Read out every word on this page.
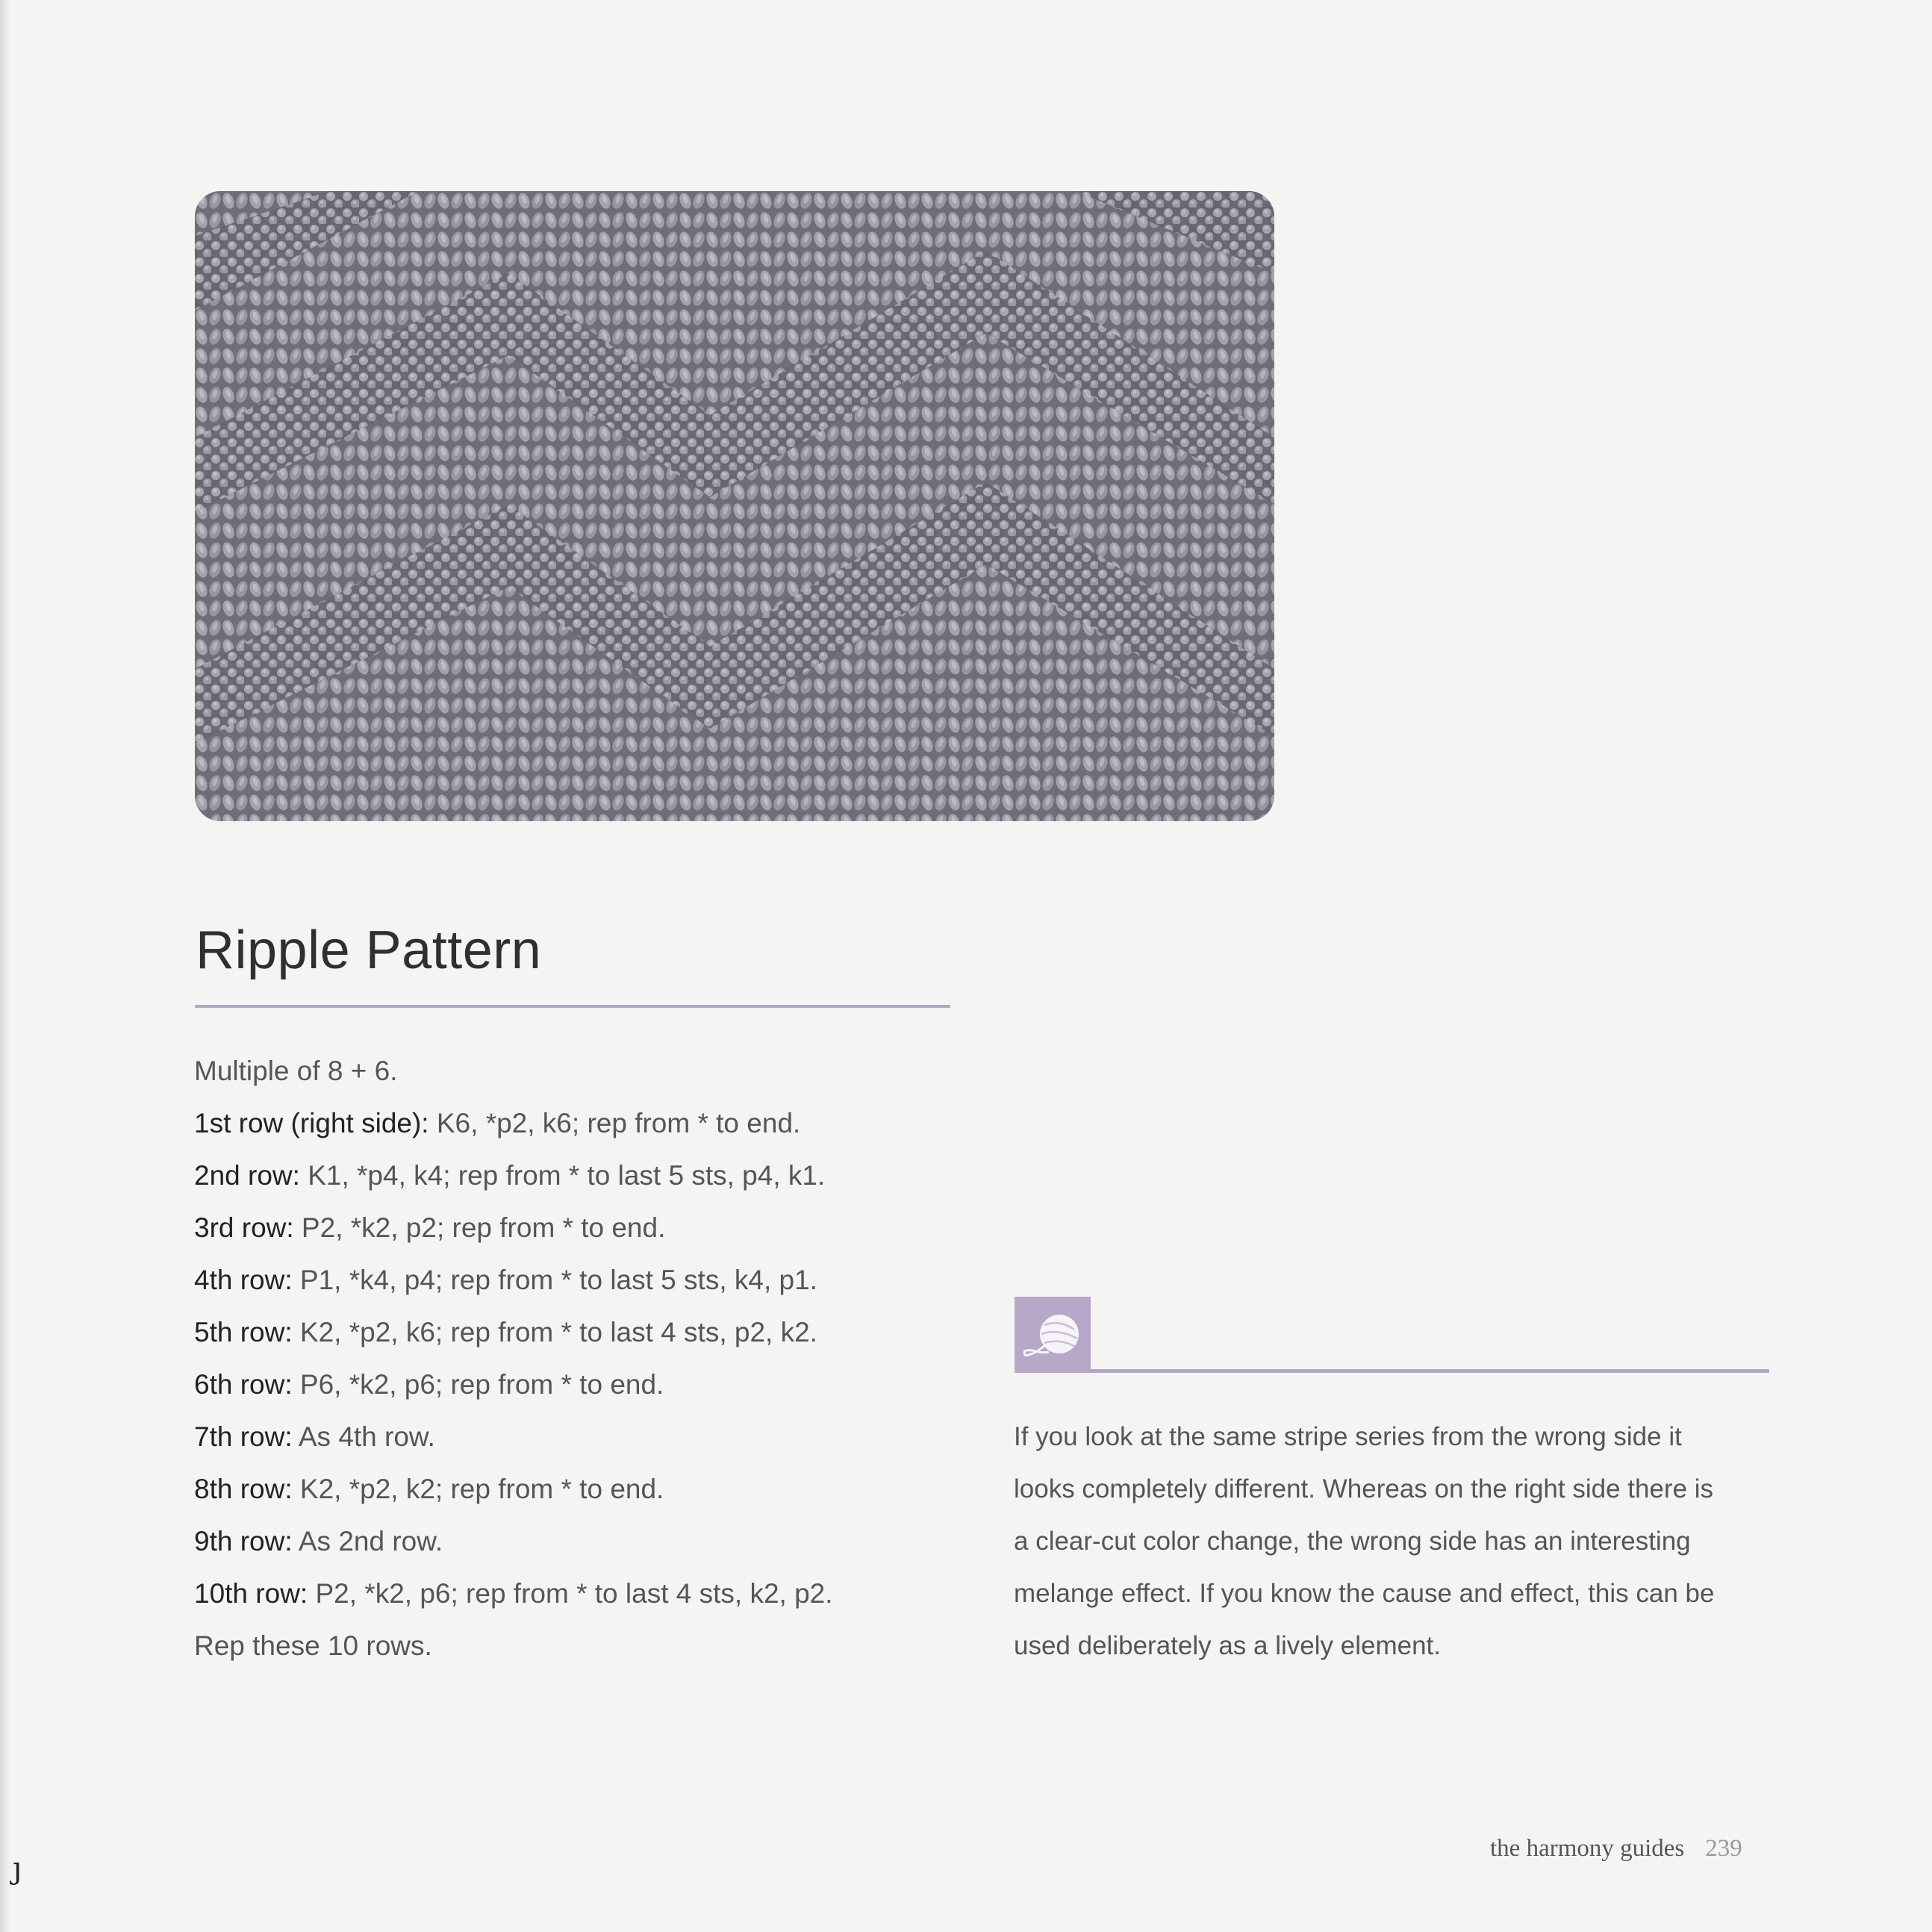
Ripple Pattern
Multiple of 8 + 6.
1st row (right side): K6, *p2, k6; rep from * to end.
2nd row: K1, *p4, k4; rep from * to last 5 sts, p4, k1.
3rd row: P2, *k2, p2; rep from * to end.
4th row: P1, *k4, p4; rep from * to last 5 sts, k4, p1.
5th row: K2, *p2, k6; rep from * to last 4 sts, p2, k2.
6th row: P6, *k2, p6; rep from * to end.
7th row: As 4th row.
8th row: K2, *p2, k2; rep from * to end.
9th row: As 2nd row.
10th row: P2, *k2, p6; rep from * to last 4 sts, k2, p2.
Rep these 10 rows.
If you look at the same stripe series from the wrong side it
looks completely different. Whereas on the right side there is
a clear-cut color change, the wrong side has an interesting
melange effect. If you know the cause and effect, this can be
used deliberately as a lively element.
the harmony guides 239
ȷ
